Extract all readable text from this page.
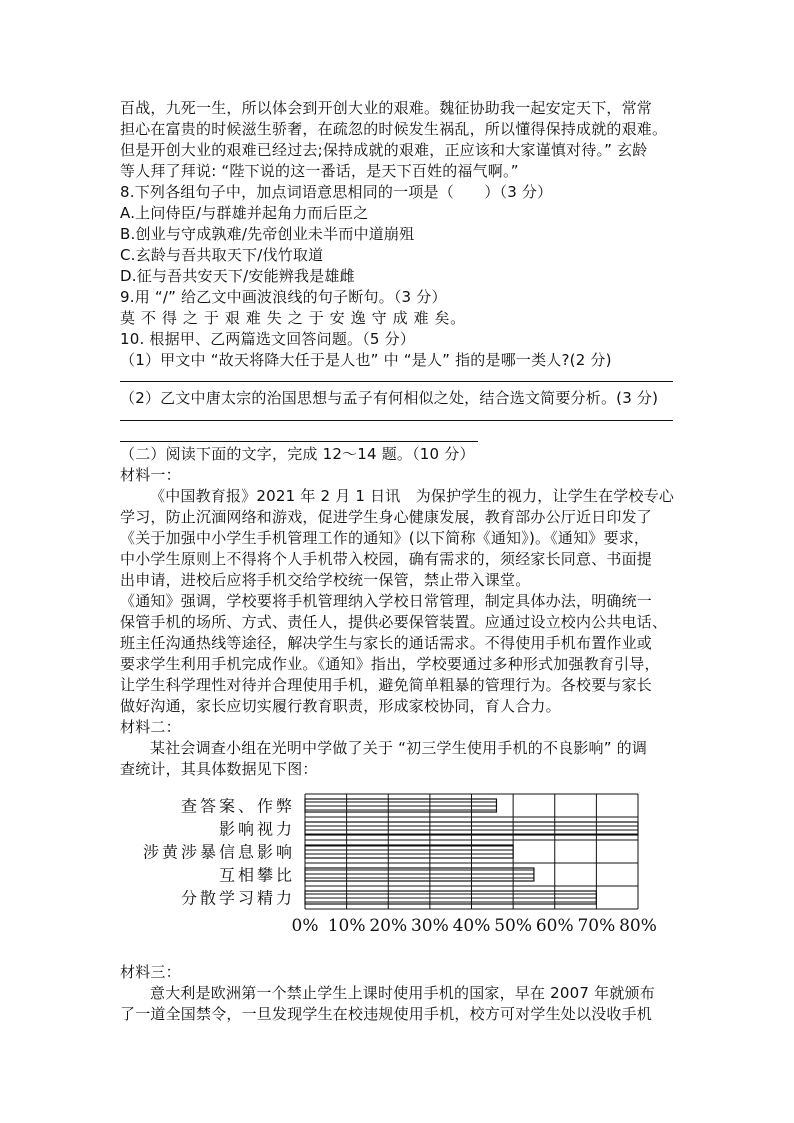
百战，九死一生，所以体会到开创大业的艰难。魏征协助我一起安定天下，常常
担心在富贵的时候滋生骄奢，在疏忽的时候发生祸乱，所以懂得保持成就的艰难。
但是开创大业的艰难已经过去;保持成就的艰难，正应该和大家谨慎对待。” 玄龄
等人拜了拜说: “陛下说的这一番话，是天下百姓的福气啊。”
8.下列各组句子中，加点词语意思相同的一项是（　　）（3 分）
A.上问侍臣/与群雄并起角力而后臣之
B.创业与守成孰难/先帝创业未半而中道崩殂
C.玄龄与吾共取天下/伐竹取道
D.征与吾共安天下/安能辨我是雄雌
9.用 “/” 给乙文中画波浪线的句子断句。（3 分）
莫 不 得 之 于 艰 难 失 之 于 安 逸 守 成 难 矣。
10. 根据甲、乙两篇选文回答问题。（5 分）
（1）甲文中 “故天将降大任于是人也” 中 “是人” 指的是哪一类人?(2 分)
（2）乙文中唐太宗的治国思想与孟子有何相似之处，结合选文简要分析。(3 分)
（二）阅读下面的文字，完成 12～14 题。（10 分）
材料一：
《中国教育报》2021 年 2 月 1 日讯　为保护学生的视力，让学生在学校专心
学习，防止沉湎网络和游戏，促进学生身心健康发展，教育部办公厅近日印发了
《关于加强中小学生手机管理工作的通知》(以下简称《通知》)。《通知》要求，
中小学生原则上不得将个人手机带入校园，确有需求的，须经家长同意、书面提
出申请，进校后应将手机交给学校统一保管，禁止带入课堂。
《通知》强调，学校要将手机管理纳入学校日常管理，制定具体办法，明确统一
保管手机的场所、方式、责任人，提供必要保管装置。应通过设立校内公共电话、
班主任沟通热线等途径，解决学生与家长的通话需求。不得使用手机布置作业或
要求学生利用手机完成作业。《通知》指出，学校要通过多种形式加强教育引导，
让学生科学理性对待并合理使用手机，避免简单粗暴的管理行为。各校要与家长
做好沟通，家长应切实履行教育职责，形成家校协同，育人合力。
材料二：
某社会调查小组在光明中学做了关于 “初三学生使用手机的不良影响” 的调
查统计，其具体数据见下图：
0% 10% 20% 30% 40% 50% 60% 70% 80%
查答案、作弊
影响视力
涉黄涉暴信息影响
互相攀比
分散学习精力
材料三：
意大利是欧洲第一个禁止学生上课时使用手机的国家，早在 2007 年就颁布
了一道全国禁令，一旦发现学生在校违规使用手机，校方可对学生处以没收手机
